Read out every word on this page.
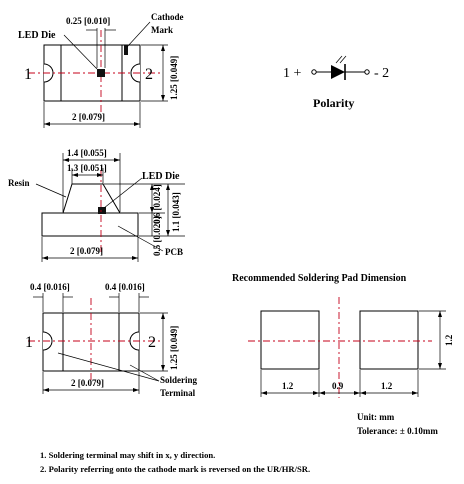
0.25 [0.010]
LED Die
Cathode
Mark
1	2
2 [0.079]
1.25 [0.049]	1 +	- 2
Polarity
1.4 [0.055]
1.3 [0.051]
Resin
LED Die
0.6 [0.024] 1.1 [0.043]
0.5 [0.020] PCB
2 [0.079]
0.4 [0.016]	0.4 [0.016]
1	2 1.25 [0.049]
2 [0.079]	Soldering
Terminal
Recommended Soldering Pad Dimension
1.2
1.2	0.9	1.2
Unit: mm
Tolerance: ± 0.10mm
1. Soldering terminal may shift in x, y direction.
2. Polarity referring onto the cathode mark is reversed on the UR/HR/SR.
